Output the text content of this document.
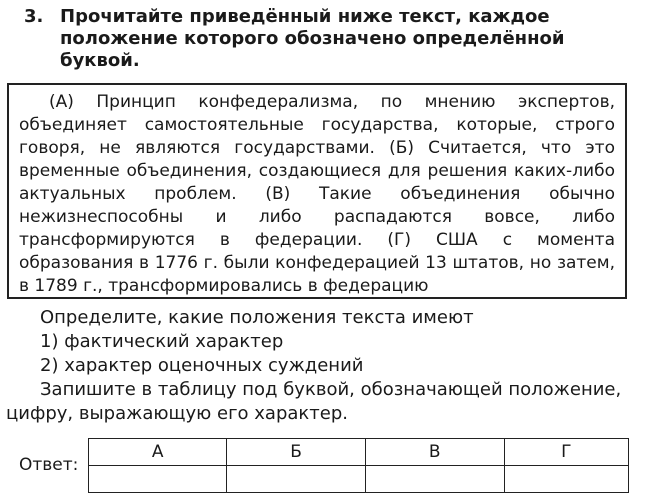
3. Прочитайте приведённый ниже текст, каждое положение которого обозначено определённой буквой.

(А) Принцип конфедерализма, по мнению экспертов, объединяет самостоятельные государства, которые, строго говоря, не являются государствами. (Б) Считается, что это временные объединения, создающиеся для решения каких-либо актуальных проблем. (В) Такие объединения обычно нежизнеспособны и либо распадаются вовсе, либо трансформируются в федерации. (Г) США с момента образования в 1776 г. были конфедерацией 13 штатов, но затем, в 1789 г., трансформировались в федерацию

Определите, какие положения текста имеют
1) фактический характер
2) характер оценочных суждений
Запишите в таблицу под буквой, обозначающей положение,
цифру, выражающую его характер.
Ответ:
А	Б	В	Г
